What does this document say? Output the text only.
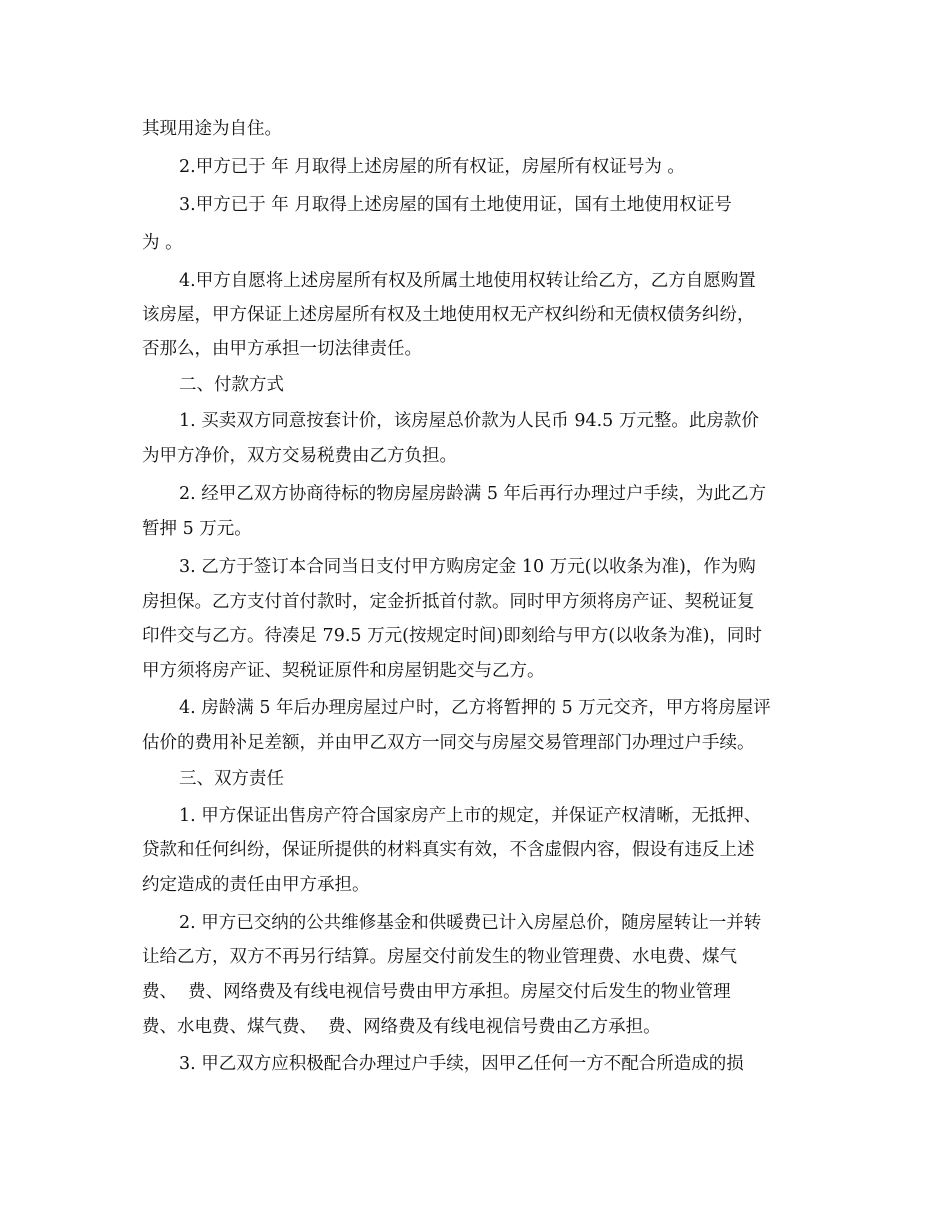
其现用途为自住。
2.甲方已于 年 月取得上述房屋的所有权证，房屋所有权证号为 。
3.甲方已于 年 月取得上述房屋的国有土地使用证，国有土地使用权证号
为 。
4.甲方自愿将上述房屋所有权及所属土地使用权转让给乙方，乙方自愿购置
该房屋，甲方保证上述房屋所有权及土地使用权无产权纠纷和无债权债务纠纷，
否那么，由甲方承担一切法律责任。
二、付款方式
1. 买卖双方同意按套计价，该房屋总价款为人民币 94.5 万元整。此房款价
为甲方净价，双方交易税费由乙方负担。
2. 经甲乙双方协商待标的物房屋房龄满 5 年后再行办理过户手续，为此乙方
暂押 5 万元。
3. 乙方于签订本合同当日支付甲方购房定金 10 万元(以收条为准)，作为购
房担保。乙方支付首付款时，定金折抵首付款。同时甲方须将房产证、契税证复
印件交与乙方。待凑足 79.5 万元(按规定时间)即刻给与甲方(以收条为准)，同时
甲方须将房产证、契税证原件和房屋钥匙交与乙方。
4. 房龄满 5 年后办理房屋过户时，乙方将暂押的 5 万元交齐，甲方将房屋评
估价的费用补足差额，并由甲乙双方一同交与房屋交易管理部门办理过户手续。
三、双方责任
1. 甲方保证出售房产符合国家房产上市的规定，并保证产权清晰，无抵押、
贷款和任何纠纷，保证所提供的材料真实有效，不含虚假内容，假设有违反上述
约定造成的责任由甲方承担。
2. 甲方已交纳的公共维修基金和供暖费已计入房屋总价，随房屋转让一并转
让给乙方，双方不再另行结算。房屋交付前发生的物业管理费、水电费、煤气
费、  费、网络费及有线电视信号费由甲方承担。房屋交付后发生的物业管理
费、水电费、煤气费、  费、网络费及有线电视信号费由乙方承担。
3. 甲乙双方应积极配合办理过户手续，因甲乙任何一方不配合所造成的损
